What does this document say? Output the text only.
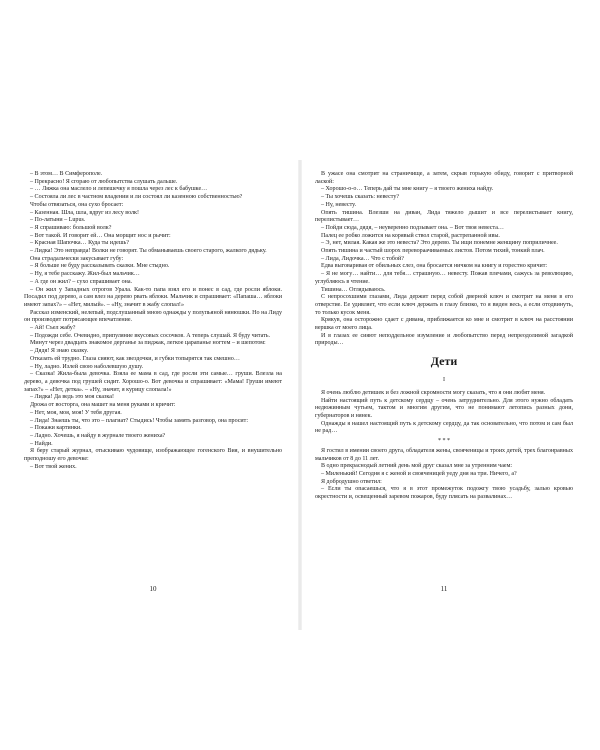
– В этом… В Симферополе.

– Прекрасно! Я сгораю от любопытства слушать дальше.

– … Ляжка она маслело и лепешечку я пошла через лес к бабушке…

– Состояла ли лес в частном владении и ли состоял ли казенною собственностью?

Чтобы отвязаться, она сухо бросает:

– Казенная. Шла, шла, вдруг из лесу волк!

– По-латыни – Lupus.

– Я спрашиваю: большой волк?

– Вот такой. И говорит ей… Она морщит нос и рычит:

– Красная Шапочка… Куда ты идешь?

– Лидка! Это неправда! Волки не говорят. Ты обманываешь своего старого, жалкого дядьку.

Она страдальчески закусывает губу:

– Я больше не буду рассказывать сказки. Мне стыдно.

– Ну, я тебе расскажу. Жил-был мальчик…

– А где он жил? – сухо спрашивает она.

– Он жил у Западных отрогов Урала. Как-то папа взял его и понес в сад, где росли яблоки. Посадил под дерево, а сам влез на дерево рвать яблоки. Мальчик и спрашивает: «Папаша… яблоки имеют запах?» – «Нет, милый». – «Ну, значит в жабу слопал!»

Рассказ изменский, нелепый, подслушанный мною однажды у полупьяной нянюшки. Но на Лиду он производит потрясающее впечатление.

– Ай! Съел жабу?

– Подожди себе. Очевидно, припуляние вкусовых сосочков. А теперь слушай. Я буду читать.

Минут через двадцать знакомое дерганье за пиджак, легкое царапанье ногтем – и шепотом:

– Дядя! Я знаю сказку.

Отказать ей трудно. Глаза сияют, как звездочки, и губки топырятся так смешно…

– Ну, ладно. Излей свою наболевшую душу.

– Сказка! Жила-была девочка. Взяла ее мама в сад, где росли эти самые… груши. Влезла на дерево, а девочка под грушей сидит. Хорошо-о. Вот девочка и спрашивает: «Мама! Груши имеют запах?» – «Нет, детка». – «Ну, значит, я курицу слопала!»

– Лидка! Да ведь это моя сказка!

Дрожа от восторга, она машет на меня руками и кричит:

– Нет, моя, моя, моя! У тебя другая.

– Лида! Знаешь ты, что это – плагиат? Стыдись! Чтобы замять разговор, она просит:

– Покажи картинки.

– Ладно. Хочешь, я найду в журнале твоего жениха?

– Найди.

Я беру старый журнал, отыскиваю чудовище, изображающее гогенского Вия, и внушительно преподношу его девочке:

– Вот твой жених.

В ужасе она смотрит на страничище, а затем, скрыв горькую обиду, говорит с притворной лаской:

– Хорошо-о-о… Теперь дай ты мне книгу – я твоего жениха найду.

– Ты хочешь сказать: невесту?

– Ну, невесту.

Опять тишина. Влезши на диван, Лида тяжело дышит и все перелистывает книгу, перелистывает…

– Пойди сюда, дядя, – неуверенно подзывает она. – Вот твоя невеста…

Палец ее робко ложится на корявый ствол старой, растрепанной ивы.

– Э, нет, милая. Какая же это невеста? Это дерево. Ты ищи понемне женщину поприличнее.

Опять тишина и частый шорох перевораачиваемых листов. Потом тихий, тонкий плач.

– Лида, Лидочка… Что с тобой?

Едва выговаривая от обильных слез, она бросается ничком на книгу и горестно кричит:

– Я не могу… найти… для тебя… страшную… невесту. Пожав плечами, сажусь за революцию, углубляюсь в чтение.

Тишина… Оглядываюсь.

С непросохшими глазами, Лида держит перед собой дверной ключ и смотрит на меня в его отверстие. Ее удивляет, что если ключ держать в глазу близко, то я виден весь, а если отодвинуть, то только кусок меня.

Крякув, она осторожно сдает с дивана, приближается ко мне и смотрит в ключ на расстоянии вершка от моего лица.

И в глазах ее сияют неподдельное изумление и любопытство перед непреодолимой загадкой природы…

Дети

I

Я очень люблю детишек и без ложной скромности могу сказать, что я они любят меня.

Найти настоящий путь к детскому сердцу – очень затруднительно. Для этого нужно обладать недюжинным чутьем, тактом и многим другим, что не понимают летопись разных дони, губернаторов и нянек.

Однажды я нашел настоящий путь к детскому сердцу, да так основательно, что потом и сам был не рад…

* * *

Я гостил в имении своего друга, обладателя жены, свояченицы и троих детей, трех благонравных мальчиков от 8 до 11 лет.

В одно прекраснодый летний день мой друг сказал мне за утренним чаем:

– Миленький! Сегодня я с женой и свояченицей уеду дня на три. Ничего, а?

Я добродушно ответил:

– Если ты опасаешься, что я в этот промежуток подожгу твою усадьбу, залью кровью окрестности и, освещенный заревом пожаров, буду плясать на развалинах…

10	11
